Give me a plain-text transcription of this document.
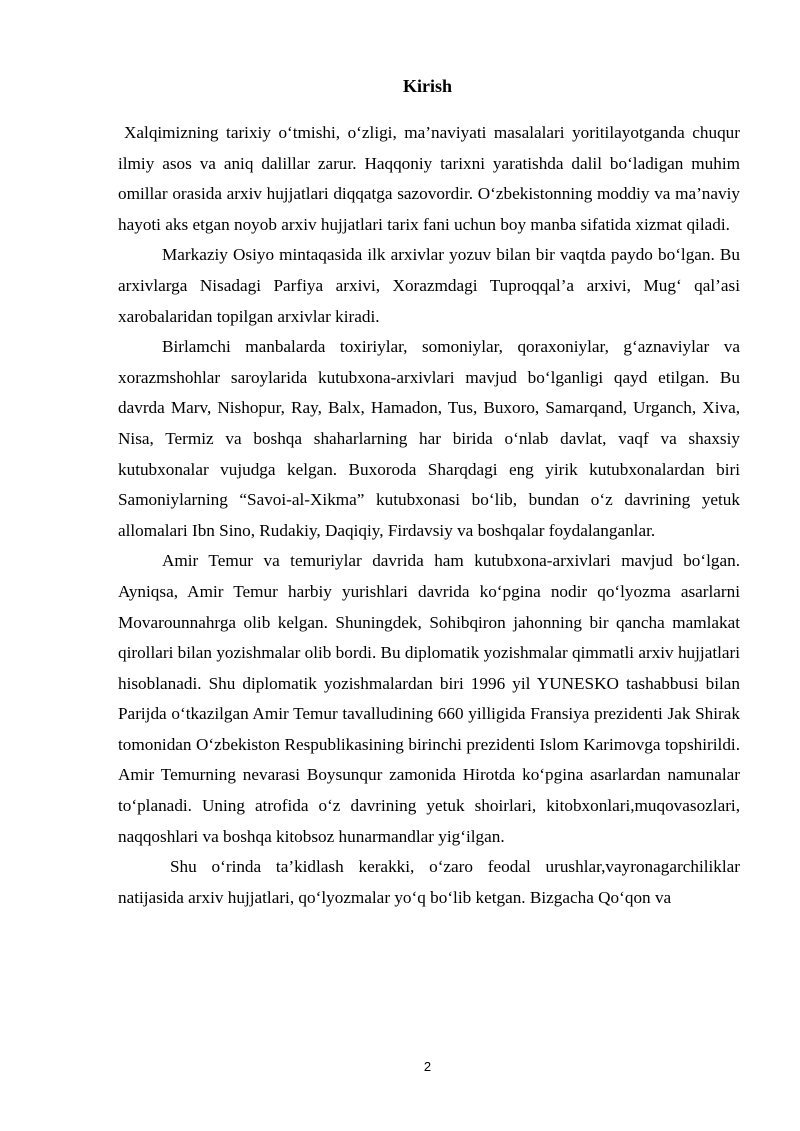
Kirish

Xalqimizning tarixiy o‘tmishi, o‘zligi, ma’naviyati masalalari yoritilayotganda chuqur ilmiy asos va aniq dalillar zarur. Haqqoniy tarixni yaratishda dalil bo‘ladigan muhim omillar orasida arxiv hujjatlari diqqatga sazovordir. O‘zbekistonning moddiy va ma’naviy hayoti aks etgan noyob arxiv hujjatlari tarix fani uchun boy manba sifatida xizmat qiladi.

Markaziy Osiyo mintaqasida ilk arxivlar yozuv bilan bir vaqtda paydo bo‘lgan. Bu arxivlarga Nisadagi Parfiya arxivi, Xorazmdagi Tuproqqal’a arxivi, Mug‘ qal’asi xarobalaridan topilgan arxivlar kiradi.

Birlamchi manbalarda toxiriylar, somoniylar, qoraxoniylar, g‘aznaviylar va xorazmshohlar saroylarida kutubxona-arxivlari mavjud bo‘lganligi qayd etilgan. Bu davrda Marv, Nishopur, Ray, Balx, Hamadon, Tus, Buxoro, Samarqand, Urganch, Xiva, Nisa, Termiz va boshqa shaharlarning har birida o‘nlab davlat, vaqf va shaxsiy kutubxonalar vujudga kelgan. Buxoroda Sharqdagi eng yirik kutubxonalardan biri Samoniylarning “Savoi-al-Xikma” kutubxonasi bo‘lib, bundan o‘z davrining yetuk allomalari Ibn Sino, Rudakiy, Daqiqiy, Firdavsiy va boshqalar foydalanganlar.

Amir Temur va temuriylar davrida ham kutubxona-arxivlari mavjud bo‘lgan. Ayniqsa, Amir Temur harbiy yurishlari davrida ko‘pgina nodir qo‘lyozma asarlarni Movarounnahrga olib kelgan. Shuningdek, Sohibqiron jahonning bir qancha mamlakat qirollari bilan yozishmalar olib bordi. Bu diplomatik yozishmalar qimmatli arxiv hujjatlari hisoblanadi. Shu diplomatik yozishmalardan biri 1996 yil YUNESKO tashabbusi bilan Parijda o‘tkazilgan Amir Temur tavalludining 660 yilligida Fransiya prezidenti Jak Shirak tomonidan O‘zbekiston Respublikasining birinchi prezidenti Islom Karimovga topshirildi. Amir Temurning nevarasi Boysunqur zamonida Hirotda ko‘pgina asarlardan namunalar to‘planadi. Uning atrofida o‘z davrining yetuk shoirlari, kitobxonlari,muqovasozlari, naqqoshlari va boshqa kitobsoz hunarmandlar yig‘ilgan.

Shu o‘rinda ta’kidlash kerakki, o‘zaro feodal urushlar,vayronagarchiliklar natijasida arxiv hujjatlari, qo‘lyozmalar yo‘q bo‘lib ketgan. Bizgacha Qo‘qon va

2
